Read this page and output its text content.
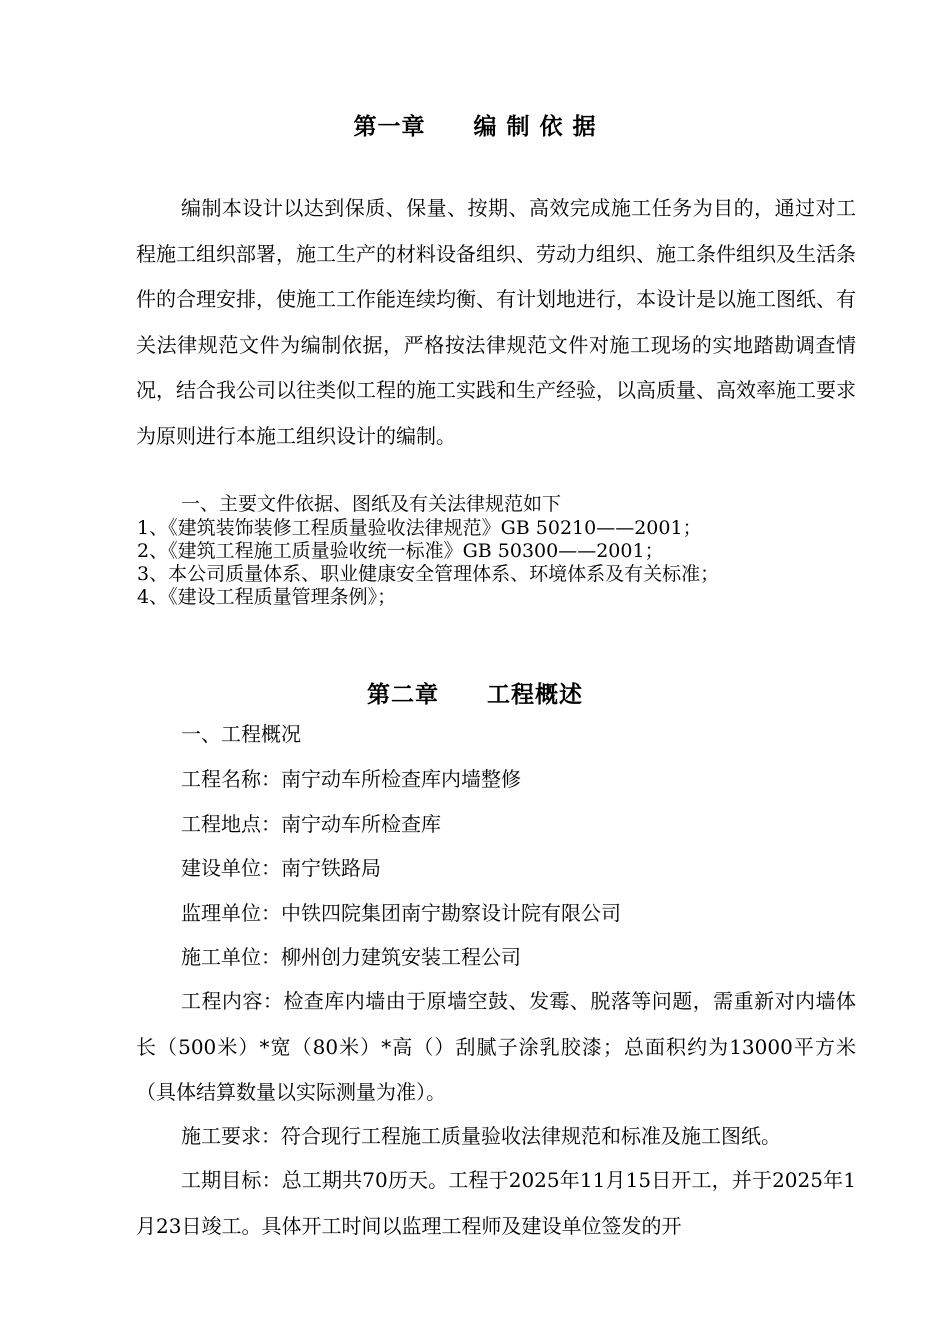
第一章　　编 制 依 据

编制本设计以达到保质、保量、按期、高效完成施工任务为目的，通过对工程施工组织部署，施工生产的材料设备组织、劳动力组织、施工条件组织及生活条件的合理安排，使施工工作能连续均衡、有计划地进行，本设计是以施工图纸、有关法律规范文件为编制依据，严格按法律规范文件对施工现场的实地踏勘调查情况，结合我公司以往类似工程的施工实践和生产经验，以高质量、高效率施工要求为原则进行本施工组织设计的编制。

一、主要文件依据、图纸及有关法律规范如下
1、《建筑装饰装修工程质量验收法律规范》GB 50210——2001；
2、《建筑工程施工质量验收统一标准》GB 50300——2001；
3、本公司质量体系、职业健康安全管理体系、环境体系及有关标准；
4、《建设工程质量管理条例》；
第二章　　工程概述
一、工程概况
工程名称：南宁动车所检查库内墙整修
工程地点：南宁动车所检查库
建设单位：南宁铁路局
监理单位：中铁四院集团南宁勘察设计院有限公司
施工单位：柳州创力建筑安装工程公司

工程内容：检查库内墙由于原墙空鼓、发霉、脱落等问题，需重新对内墙体长（500米）*宽（80米）*高（）刮腻子涂乳胶漆；总面积约为13000平方米（具体结算数量以实际测量为准）。

施工要求：符合现行工程施工质量验收法律规范和标准及施工图纸。

工期目标：总工期共70历天。工程于2025年11月15日开工，并于2025年1月23日竣工。具体开工时间以监理工程师及建设单位签发的开
